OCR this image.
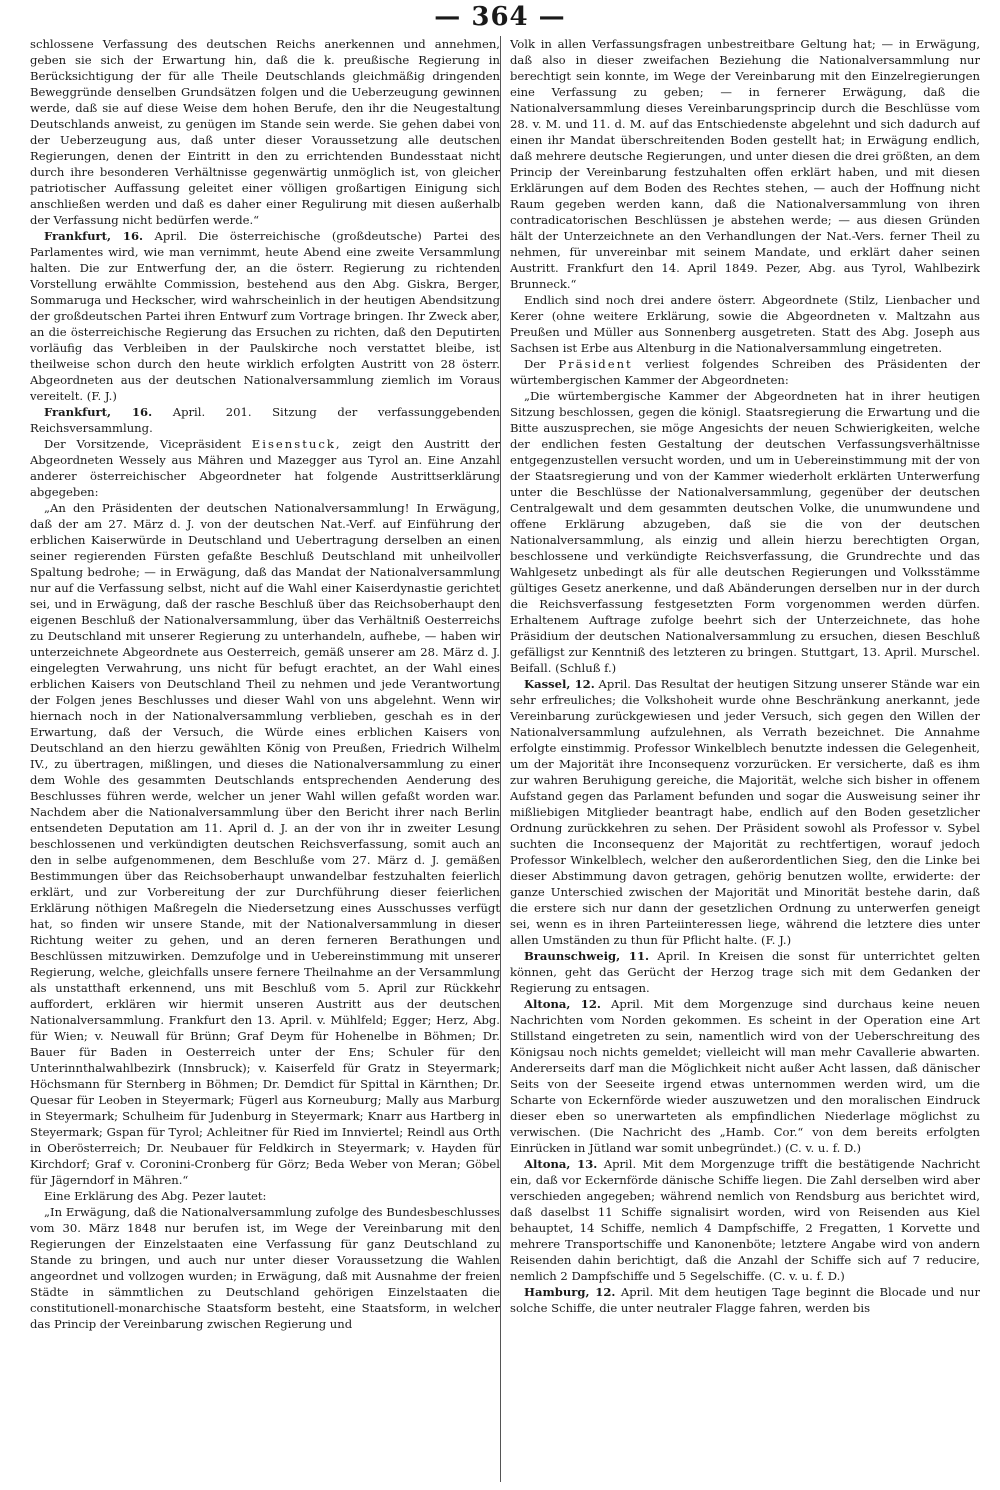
— 364 —

schlossene Verfassung des deutschen Reichs anerkennen und annehmen, geben sie sich der Erwartung hin, daß die k. preußische Regierung in Berücksichtigung der für alle Theile Deutschlands gleichmäßig dringenden Beweggründe denselben Grundsätzen folgen und die Ueberzeugung gewinnen werde, daß sie auf diese Weise dem hohen Berufe, den ihr die Neugestaltung Deutschlands anweist, zu genügen im Stande sein werde. Sie gehen dabei von der Ueberzeugung aus, daß unter dieser Voraussetzung alle deutschen Regierungen, denen der Eintritt in den zu errichtenden Bundesstaat nicht durch ihre besonderen Verhältnisse gegenwärtig unmöglich ist, von gleicher patriotischer Auffassung geleitet einer völligen großartigen Einigung sich anschließen werden und daß es daher einer Regulirung mit diesen außerhalb der Verfassung nicht bedürfen werde.“

Frankfurt, 16. April. Die österreichische (großdeutsche) Partei des Parlamentes wird, wie man vernimmt, heute Abend eine zweite Versammlung halten. Die zur Entwerfung der, an die österr. Regierung zu richtenden Vorstellung erwählte Commission, bestehend aus den Abg. Giskra, Berger, Sommaruga und Heckscher, wird wahrscheinlich in der heutigen Abendsitzung der großdeutschen Partei ihren Entwurf zum Vortrage bringen. Ihr Zweck aber, an die österreichische Regierung das Ersuchen zu richten, daß den Deputirten vorläufig das Verbleiben in der Paulskirche noch verstattet bleibe, ist theilweise schon durch den heute wirklich erfolgten Austritt von 28 österr. Abgeordneten aus der deutschen Nationalversammlung ziemlich im Voraus vereitelt. (F. J.)

Frankfurt, 16. April. 201. Sitzung der verfassunggebenden Reichsversammlung.

Der Vorsitzende, Vicepräsident Eisenstuck, zeigt den Austritt der Abgeordneten Wessely aus Mähren und Mazegger aus Tyrol an. Eine Anzahl anderer österreichischer Abgeordneter hat folgende Austrittserklärung abgegeben:

„An den Präsidenten der deutschen Nationalversammlung! In Erwägung, daß der am 27. März d. J. von der deutschen Nat.-Verf. auf Einführung der erblichen Kaiserwürde in Deutschland und Uebertragung derselben an einen seiner regierenden Fürsten gefaßte Beschluß Deutschland mit unheilvoller Spaltung bedrohe; — in Erwägung, daß das Mandat der Nationalversammlung nur auf die Verfassung selbst, nicht auf die Wahl einer Kaiserdynastie gerichtet sei, und in Erwägung, daß der rasche Beschluß über das Reichsoberhaupt den eigenen Beschluß der Nationalversammlung, über das Verhältniß Oesterreichs zu Deutschland mit unserer Regierung zu unterhandeln, aufhebe, — haben wir unterzeichnete Abgeordnete aus Oesterreich, gemäß unserer am 28. März d. J. eingelegten Verwahrung, uns nicht für befugt erachtet, an der Wahl eines erblichen Kaisers von Deutschland Theil zu nehmen und jede Verantwortung der Folgen jenes Beschlusses und dieser Wahl von uns abgelehnt. Wenn wir hiernach noch in der Nationalversammlung verblieben, geschah es in der Erwartung, daß der Versuch, die Würde eines erblichen Kaisers von Deutschland an den hierzu gewählten König von Preußen, Friedrich Wilhelm IV., zu übertragen, mißlingen, und dieses die Nationalversammlung zu einer dem Wohle des gesammten Deutschlands entsprechenden Aenderung des Beschlusses führen werde, welcher un jener Wahl willen gefaßt worden war. Nachdem aber die Nationalversammlung über den Bericht ihrer nach Berlin entsendeten Deputation am 11. April d. J. an der von ihr in zweiter Lesung beschlossenen und verkündigten deutschen Reichsverfassung, somit auch an den in selbe aufgenommenen, dem Beschluße vom 27. März d. J. gemäßen Bestimmungen über das Reichsoberhaupt unwandelbar festzuhalten feierlich erklärt, und zur Vorbereitung der zur Durchführung dieser feierlichen Erklärung nöthigen Maßregeln die Niedersetzung eines Ausschusses verfügt hat, so finden wir unsere Stande, mit der Nationalversammlung in dieser Richtung weiter zu gehen, und an deren ferneren Berathungen und Beschlüssen mitzuwirken. Demzufolge und in Uebereinstimmung mit unserer Regierung, welche, gleichfalls unsere fernere Theilnahme an der Versammlung als unstatthaft erkennend, uns mit Beschluß vom 5. April zur Rückkehr auffordert, erklären wir hiermit unseren Austritt aus der deutschen Nationalversammlung. Frankfurt den 13. April. v. Mühlfeld; Egger; Herz, Abg. für Wien; v. Neuwall für Brünn; Graf Deym für Hohenelbe in Böhmen; Dr. Bauer für Baden in Oesterreich unter der Ens; Schuler für den Unterinnthalwahlbezirk (Innsbruck); v. Kaiserfeld für Gratz in Steyermark; Höchsmann für Sternberg in Böhmen; Dr. Demdict für Spittal in Kärnthen; Dr. Quesar für Leoben in Steyermark; Fügerl aus Korneuburg; Mally aus Marburg in Steyermark; Schulheim für Judenburg in Steyermark; Knarr aus Hartberg in Steyermark; Gspan für Tyrol; Achleitner für Ried im Innviertel; Reindl aus Orth in Oberösterreich; Dr. Neubauer für Feldkirch in Steyermark; v. Hayden für Kirchdorf; Graf v. Coronini-Cronberg für Görz; Beda Weber von Meran; Göbel für Jägerndorf in Mähren.“

Eine Erklärung des Abg. Pezer lautet:

„In Erwägung, daß die Nationalversammlung zufolge des Bundesbeschlusses vom 30. März 1848 nur berufen ist, im Wege der Vereinbarung mit den Regierungen der Einzelstaaten eine Verfassung für ganz Deutschland zu Stande zu bringen, und auch nur unter dieser Voraussetzung die Wahlen angeordnet und vollzogen wurden; in Erwägung, daß mit Ausnahme der freien Städte in sämmtlichen zu Deutschland gehörigen Einzelstaaten die constitutionell-monarchische Staatsform besteht, eine Staatsform, in welcher das Princip der Vereinbarung zwischen Regierung und

Volk in allen Verfassungsfragen unbestreitbare Geltung hat; — in Erwägung, daß also in dieser zweifachen Beziehung die Nationalversammlung nur berechtigt sein konnte, im Wege der Vereinbarung mit den Einzelregierungen eine Verfassung zu geben; — in fernerer Erwägung, daß die Nationalversammlung dieses Vereinbarungsprincip durch die Beschlüsse vom 28. v. M. und 11. d. M. auf das Entschiedenste abgelehnt und sich dadurch auf einen ihr Mandat überschreitenden Boden gestellt hat; in Erwägung endlich, daß mehrere deutsche Regierungen, und unter diesen die drei größten, an dem Princip der Vereinbarung festzuhalten offen erklärt haben, und mit diesen Erklärungen auf dem Boden des Rechtes stehen, — auch der Hoffnung nicht Raum gegeben werden kann, daß die Nationalversammlung von ihren contradicatorischen Beschlüssen je abstehen werde; — aus diesen Gründen hält der Unterzeichnete an den Verhandlungen der Nat.-Vers. ferner Theil zu nehmen, für unvereinbar mit seinem Mandate, und erklärt daher seinen Austritt. Frankfurt den 14. April 1849. Pezer, Abg. aus Tyrol, Wahlbezirk Brunneck.“

Endlich sind noch drei andere österr. Abgeordnete (Stilz, Lienbacher und Kerer (ohne weitere Erklärung, sowie die Abgeordneten v. Maltzahn aus Preußen und Müller aus Sonnenberg ausgetreten. Statt des Abg. Joseph aus Sachsen ist Erbe aus Altenburg in die Nationalversammlung eingetreten.

Der Präsident verliest folgendes Schreiben des Präsidenten der würtembergischen Kammer der Abgeordneten:

„Die würtembergische Kammer der Abgeordneten hat in ihrer heutigen Sitzung beschlossen, gegen die königl. Staatsregierung die Erwartung und die Bitte auszusprechen, sie möge Angesichts der neuen Schwierigkeiten, welche der endlichen festen Gestaltung der deutschen Verfassungsverhältnisse entgegenzustellen versucht worden, und um in Uebereinstimmung mit der von der Staatsregierung und von der Kammer wiederholt erklärten Unterwerfung unter die Beschlüsse der Nationalversammlung, gegenüber der deutschen Centralgewalt und dem gesammten deutschen Volke, die unumwundene und offene Erklärung abzugeben, daß sie die von der deutschen Nationalversammlung, als einzig und allein hierzu berechtigten Organ, beschlossene und verkündigte Reichsverfassung, die Grundrechte und das Wahlgesetz unbedingt als für alle deutschen Regierungen und Volksstämme gültiges Gesetz anerkenne, und daß Abänderungen derselben nur in der durch die Reichsverfassung festgesetzten Form vorgenommen werden dürfen. Erhaltenem Auftrage zufolge beehrt sich der Unterzeichnete, das hohe Präsidium der deutschen Nationalversammlung zu ersuchen, diesen Beschluß gefälligst zur Kenntniß des letzteren zu bringen. Stuttgart, 13. April. Murschel. Beifall. (Schluß f.)

Kassel, 12. April. Das Resultat der heutigen Sitzung unserer Stände war ein sehr erfreuliches; die Volkshoheit wurde ohne Beschränkung anerkannt, jede Vereinbarung zurückgewiesen und jeder Versuch, sich gegen den Willen der Nationalversammlung aufzulehnen, als Verrath bezeichnet. Die Annahme erfolgte einstimmig. Professor Winkelblech benutzte indessen die Gelegenheit, um der Majorität ihre Inconsequenz vorzurücken. Er versicherte, daß es ihm zur wahren Beruhigung gereiche, die Majorität, welche sich bisher in offenem Aufstand gegen das Parlament befunden und sogar die Ausweisung seiner ihr mißliebigen Mitglieder beantragt habe, endlich auf den Boden gesetzlicher Ordnung zurückkehren zu sehen. Der Präsident sowohl als Professor v. Sybel suchten die Inconsequenz der Majorität zu rechtfertigen, worauf jedoch Professor Winkelblech, welcher den außerordentlichen Sieg, den die Linke bei dieser Abstimmung davon getragen, gehörig benutzen wollte, erwiderte: der ganze Unterschied zwischen der Majorität und Minorität bestehe darin, daß die erstere sich nur dann der gesetzlichen Ordnung zu unterwerfen geneigt sei, wenn es in ihren Parteiinteressen liege, während die letztere dies unter allen Umständen zu thun für Pflicht halte. (F. J.)

Braunschweig, 11. April. In Kreisen die sonst für unterrichtet gelten können, geht das Gerücht der Herzog trage sich mit dem Gedanken der Regierung zu entsagen.

Altona, 12. April. Mit dem Morgenzuge sind durchaus keine neuen Nachrichten vom Norden gekommen. Es scheint in der Operation eine Art Stillstand eingetreten zu sein, namentlich wird von der Ueberschreitung des Königsau noch nichts gemeldet; vielleicht will man mehr Cavallerie abwarten. Andererseits darf man die Möglichkeit nicht außer Acht lassen, daß dänischer Seits von der Seeseite irgend etwas unternommen werden wird, um die Scharte von Eckernförde wieder auszuwetzen und den moralischen Eindruck dieser eben so unerwarteten als empfindlichen Niederlage möglichst zu verwischen. (Die Nachricht des „Hamb. Cor.“ von dem bereits erfolgten Einrücken in Jütland war somit unbegründet.) (C. v. u. f. D.)

Altona, 13. April. Mit dem Morgenzuge trifft die bestätigende Nachricht ein, daß vor Eckernförde dänische Schiffe liegen. Die Zahl derselben wird aber verschieden angegeben; während nemlich von Rendsburg aus berichtet wird, daß daselbst 11 Schiffe signalisirt worden, wird von Reisenden aus Kiel behauptet, 14 Schiffe, nemlich 4 Dampfschiffe, 2 Fregatten, 1 Korvette und mehrere Transportschiffe und Kanonenböte; letztere Angabe wird von andern Reisenden dahin berichtigt, daß die Anzahl der Schiffe sich auf 7 reducire, nemlich 2 Dampfschiffe und 5 Segelschiffe. (C. v. u. f. D.)

Hamburg, 12. April. Mit dem heutigen Tage beginnt die Blocade und nur solche Schiffe, die unter neutraler Flagge fahren, werden bis
